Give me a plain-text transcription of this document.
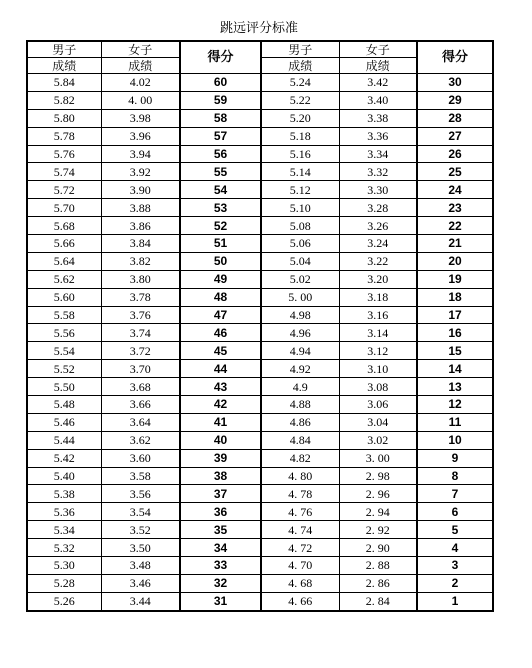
跳远评分标准
男子	女子	得分	男子	女子	得分
成绩	成绩		成绩	成绩	
5.84	4.02	60	5.24	3.42	30
5.82	4. 00	59	5.22	3.40	29
5.80	3.98	58	5.20	3.38	28
5.78	3.96	57	5.18	3.36	27
5.76	3.94	56	5.16	3.34	26
5.74	3.92	55	5.14	3.32	25
5.72	3.90	54	5.12	3.30	24
5.70	3.88	53	5.10	3.28	23
5.68	3.86	52	5.08	3.26	22
5.66	3.84	51	5.06	3.24	21
5.64	3.82	50	5.04	3.22	20
5.62	3.80	49	5.02	3.20	19
5.60	3.78	48	5. 00	3.18	18
5.58	3.76	47	4.98	3.16	17
5.56	3.74	46	4.96	3.14	16
5.54	3.72	45	4.94	3.12	15
5.52	3.70	44	4.92	3.10	14
5.50	3.68	43	4.9	3.08	13
5.48	3.66	42	4.88	3.06	12
5.46	3.64	41	4.86	3.04	11
5.44	3.62	40	4.84	3.02	10
5.42	3.60	39	4.82	3. 00	9
5.40	3.58	38	4. 80	2. 98	8
5.38	3.56	37	4. 78	2. 96	7
5.36	3.54	36	4. 76	2. 94	6
5.34	3.52	35	4. 74	2. 92	5
5.32	3.50	34	4. 72	2. 90	4
5.30	3.48	33	4. 70	2. 88	3
5.28	3.46	32	4. 68	2. 86	2
5.26	3.44	31	4. 66	2. 84	1
